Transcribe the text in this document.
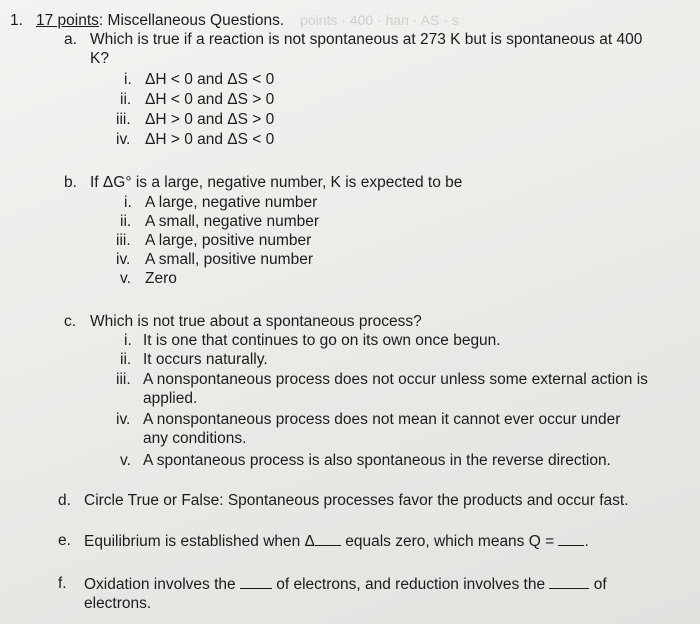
points · 400 · han · AS · s
1. 17 points: Miscellaneous Questions.
a. Which is true if a reaction is not spontaneous at 273 K but is spontaneous at 400
K?
i. ΔH < 0 and ΔS < 0
ii. ΔH < 0 and ΔS > 0
iii. ΔH > 0 and ΔS > 0
iv. ΔH > 0 and ΔS < 0
b. If ΔG° is a large, negative number, K is expected to be
i. A large, negative number
ii. A small, negative number
iii. A large, positive number
iv. A small, positive number
v. Zero
c. Which is not true about a spontaneous process?
i. It is one that continues to go on its own once begun.
ii. It occurs naturally.
iii. A nonspontaneous process does not occur unless some external action is
applied.
iv. A nonspontaneous process does not mean it cannot ever occur under
any conditions.
v. A spontaneous process is also spontaneous in the reverse direction.
d. Circle True or False: Spontaneous processes favor the products and occur fast.
e. Equilibrium is established when Δ equals zero, which means Q = .
f. Oxidation involves the  of electrons, and reduction involves the	of
electrons.
